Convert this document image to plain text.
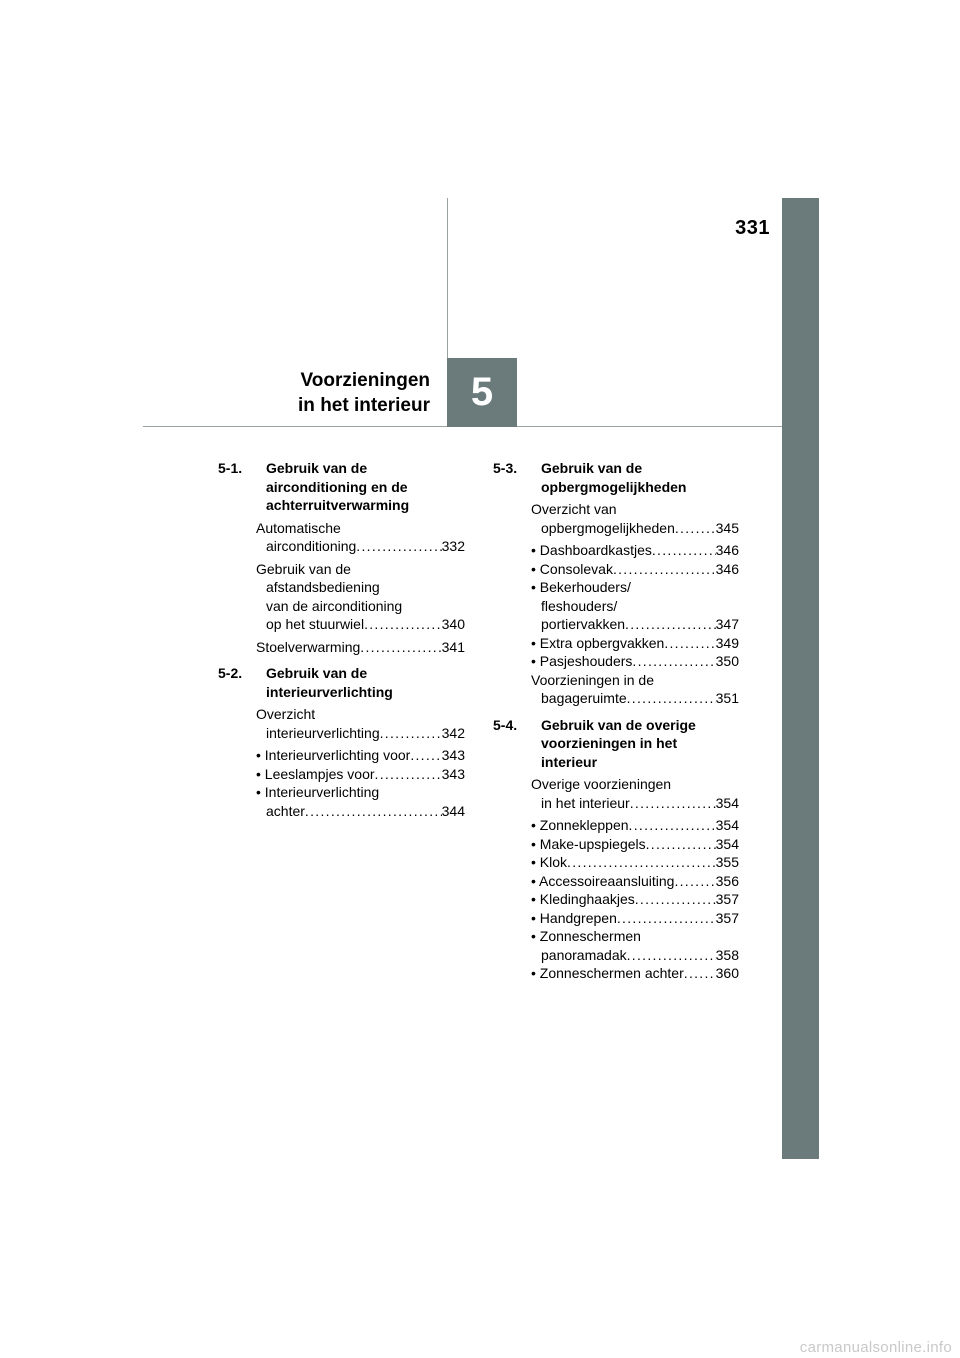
331
Voorzieningen
in het interieur	5
5-1.	Gebruik van de
airconditioning en de
achterruitverwarming
Automatische
airconditioning . . .	332
Gebruik van de
afstandsbediening
van de airconditioning
op het stuurwiel . . .	340
Stoelverwarming . . .	341
5-2.	Gebruik van de
interieurverlichting
Overzicht
interieurverlichting . . .	342
• Interieurverlichting voor . . . 343
• Leeslampjes voor . . .	343
• Interieurverlichting
achter . . .	344
5-3.	Gebruik van de
opbergmogelijkheden
Overzicht van
opbergmogelijkheden . . .	345
• Dashboardkastjes . . .	346
• Consolevak . . .	346
• Bekerhouders/
fleshouders/
portiervakken . . .	347
• Extra opbergvakken . . .	349
• Pasjeshouders . . .	350
Voorzieningen in de
bagageruimte . . .	351
5-4.	Gebruik van de overige
voorzieningen in het
interieur
Overige voorzieningen
in het interieur . . .	354
• Zonnekleppen . . .	354
• Make-upspiegels . . .	354
• Klok . . .	355
• Accessoireaansluiting . . .	356
• Kledinghaakjes . . .	357
• Handgrepen . . .	357
• Zonneschermen
panoramadak . . .	358
• Zonneschermen achter . . . 360
carmanualsonline.info
